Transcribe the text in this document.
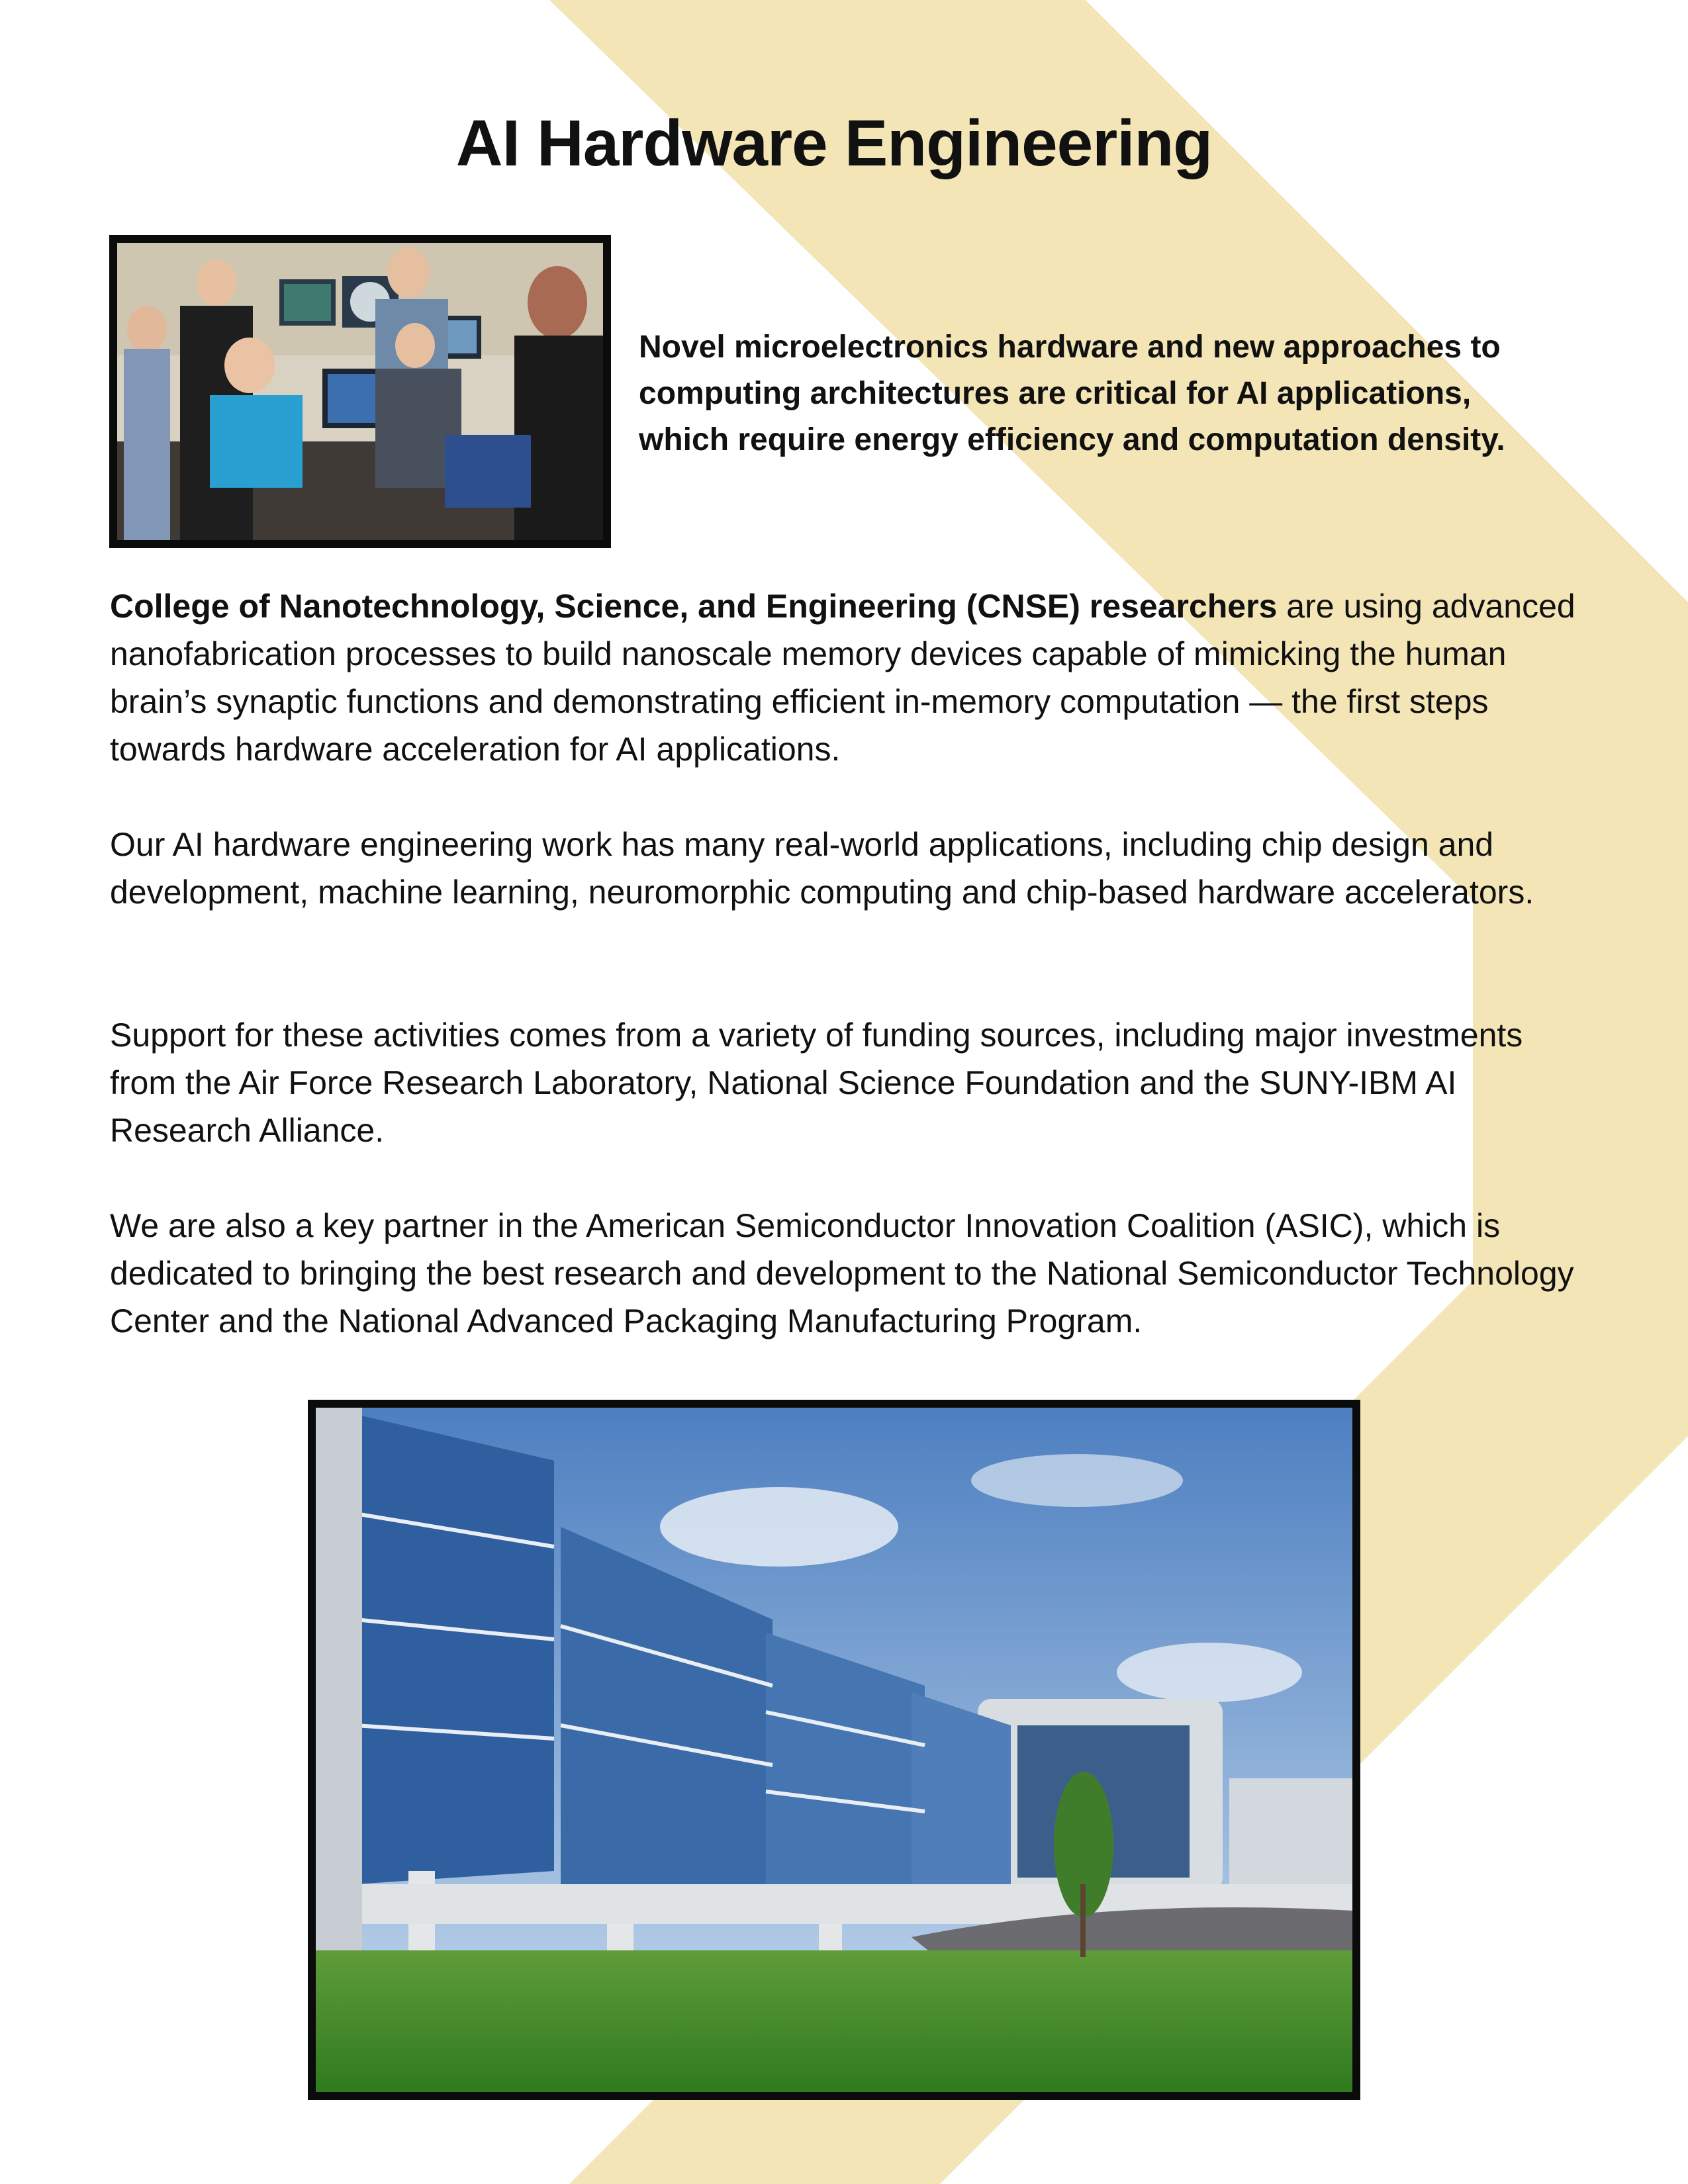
AI Hardware Engineering

Novel microelectronics hardware and new approaches to computing architectures are critical for AI applications, which require energy efficiency and computation density.

College of Nanotechnology, Science, and Engineering (CNSE) researchers are using advanced nanofabrication processes to build nanoscale memory devices capable of mimicking the human brain’s synaptic functions and demonstrating efficient in-memory computation — the first steps towards hardware acceleration for AI applications.

Our AI hardware engineering work has many real-world applications, including chip design and development, machine learning, neuromorphic computing and chip-based hardware accelerators.

Support for these activities comes from a variety of funding sources, including major investments from the Air Force Research Laboratory, National Science Foundation and the SUNY-IBM AI Research Alliance.

We are also a key partner in the American Semiconductor Innovation Coalition (ASIC), which is dedicated to bringing the best research and development to the National Semiconductor Technology Center and the National Advanced Packaging Manufacturing Program.
